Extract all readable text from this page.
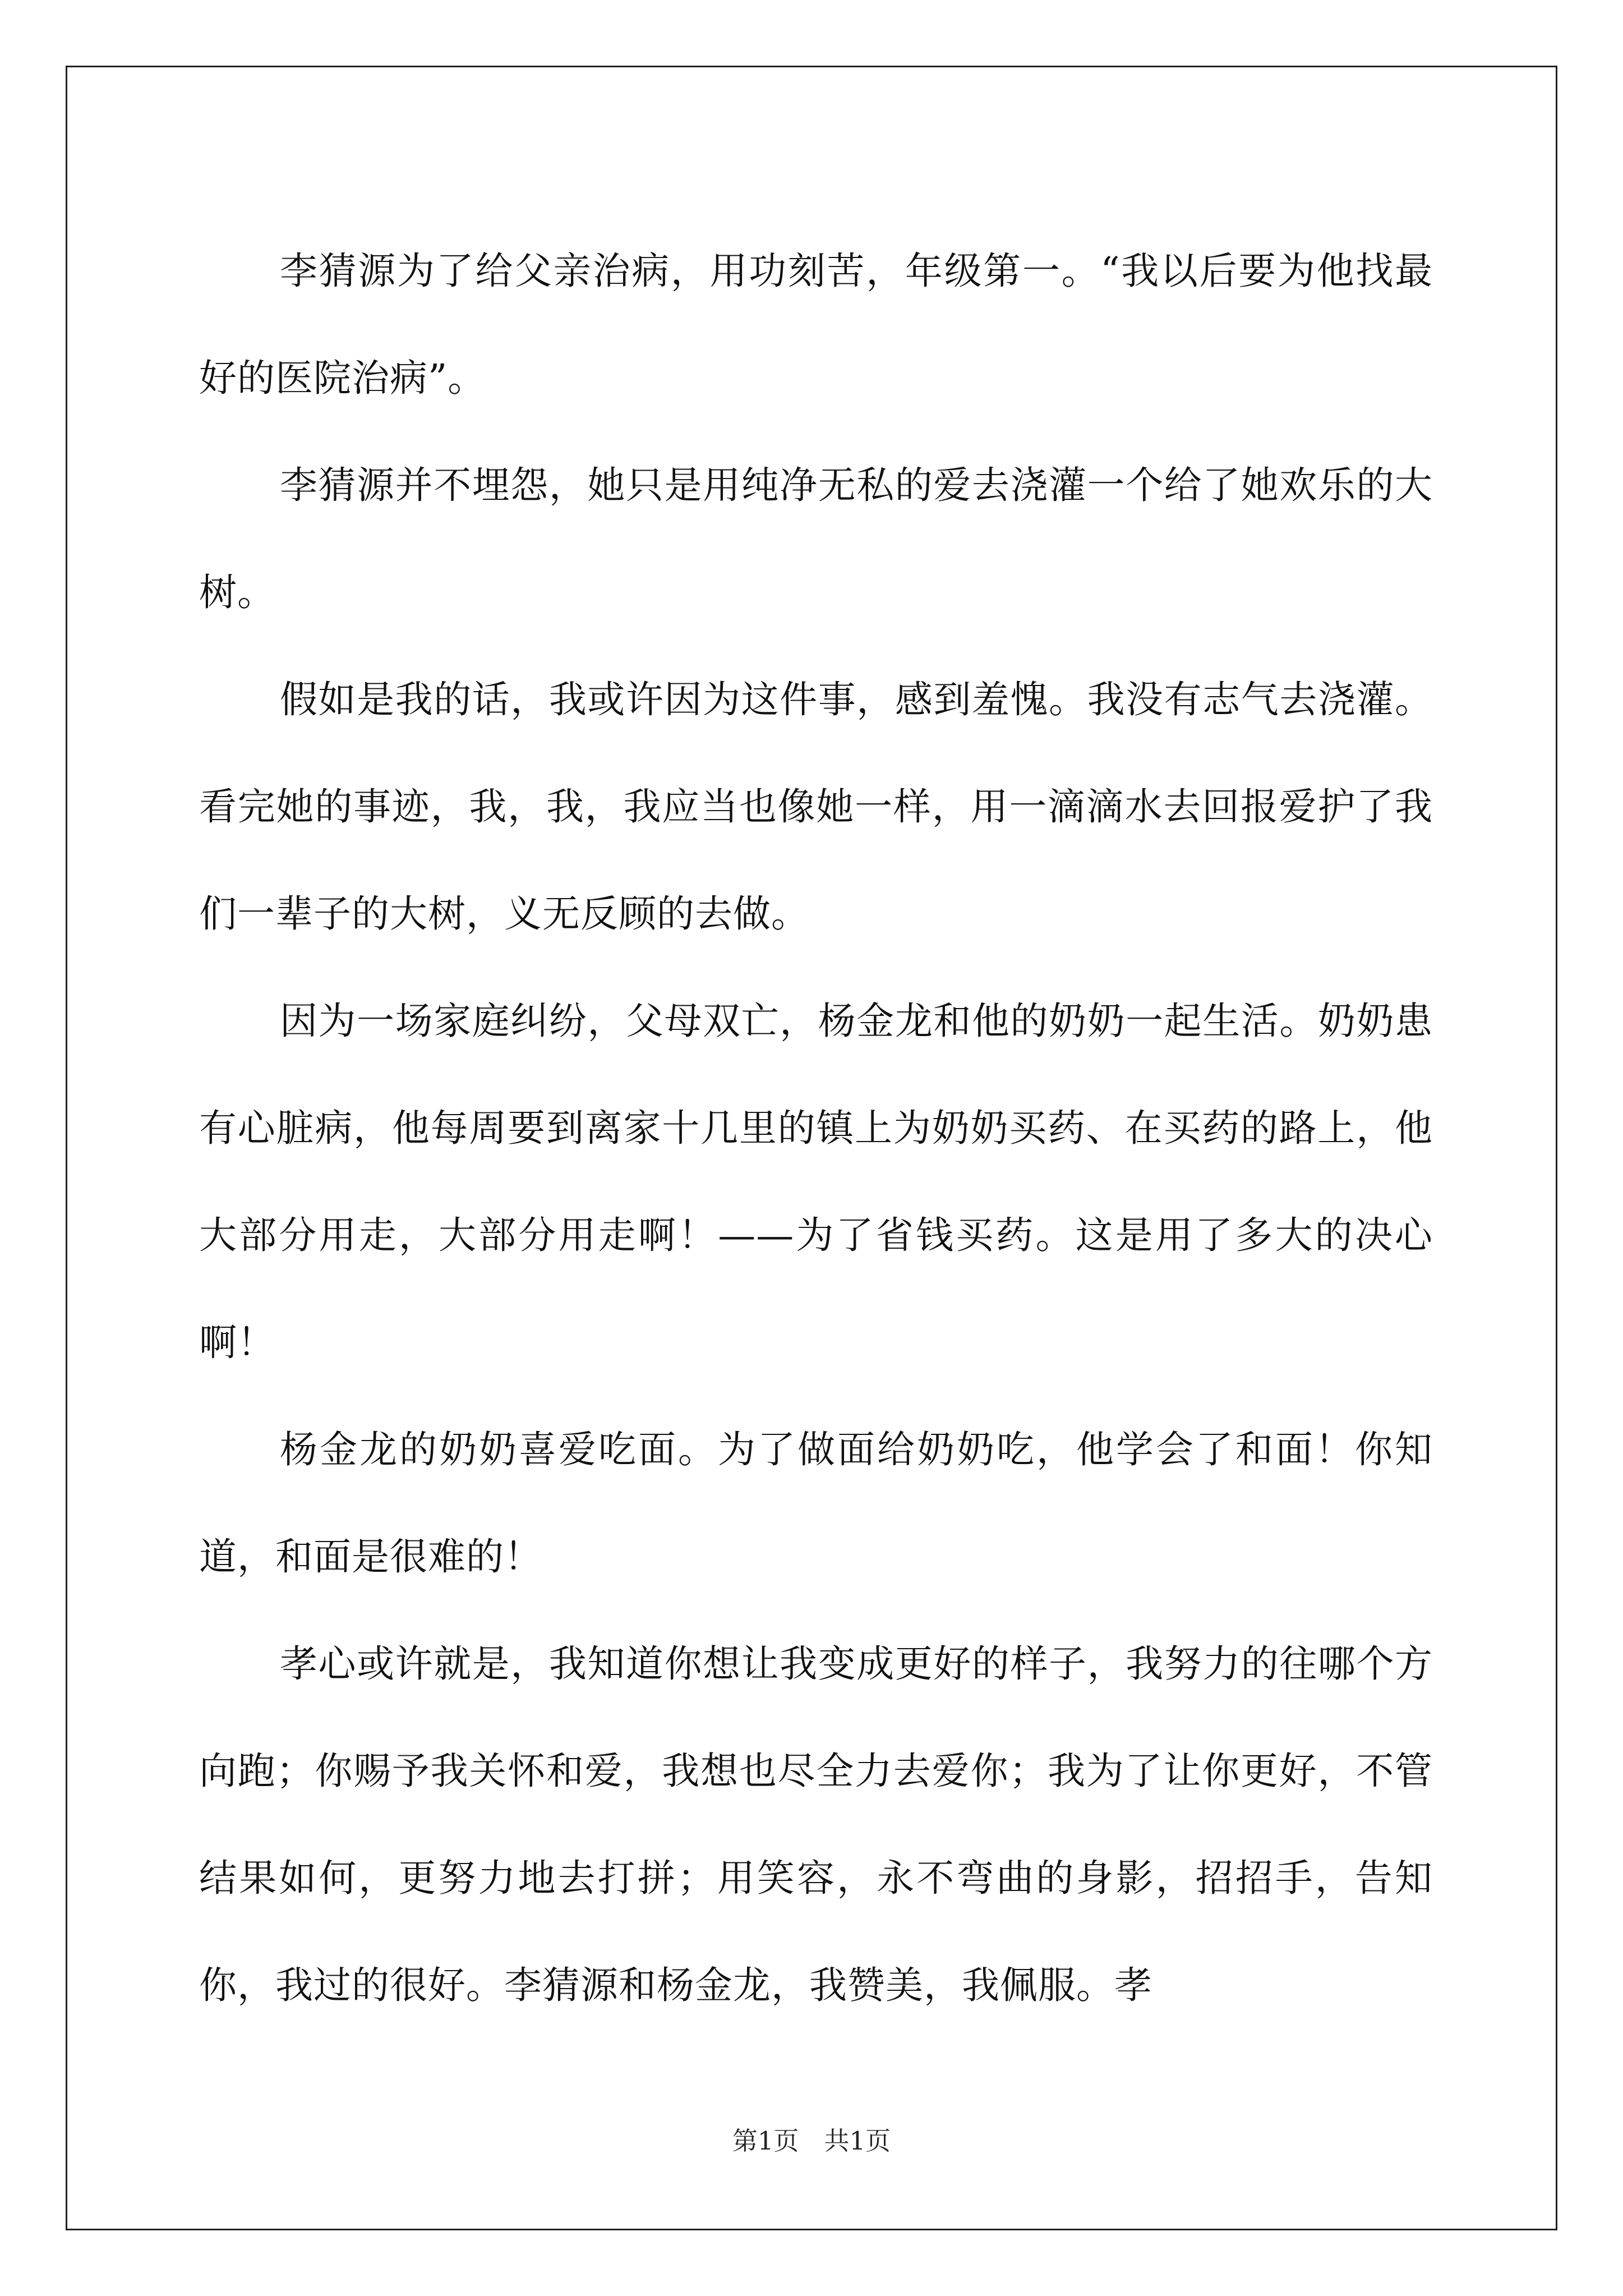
李猜源为了给父亲治病，用功刻苦，年级第一。“我以后要为他找最好的医院治病”。

李猜源并不埋怨，她只是用纯净无私的爱去浇灌一个给了她欢乐的大树。

假如是我的话，我或许因为这件事，感到羞愧。我没有志气去浇灌。看完她的事迹，我，我，我应当也像她一样，用一滴滴水去回报爱护了我们一辈子的大树，义无反顾的去做。

因为一场家庭纠纷，父母双亡，杨金龙和他的奶奶一起生活。奶奶患有心脏病，他每周要到离家十几里的镇上为奶奶买药、在买药的路上，他大部分用走，大部分用走啊！——为了省钱买药。这是用了多大的决心啊！

杨金龙的奶奶喜爱吃面。为了做面给奶奶吃，他学会了和面！你知道，和面是很难的！

孝心或许就是，我知道你想让我变成更好的样子，我努力的往哪个方向跑；你赐予我关怀和爱，我想也尽全力去爱你；我为了让你更好，不管结果如何，更努力地去打拼；用笑容，永不弯曲的身影，招招手，告知你，我过的很好。李猜源和杨金龙，我赞美，我佩服。孝

第1页　共1页
